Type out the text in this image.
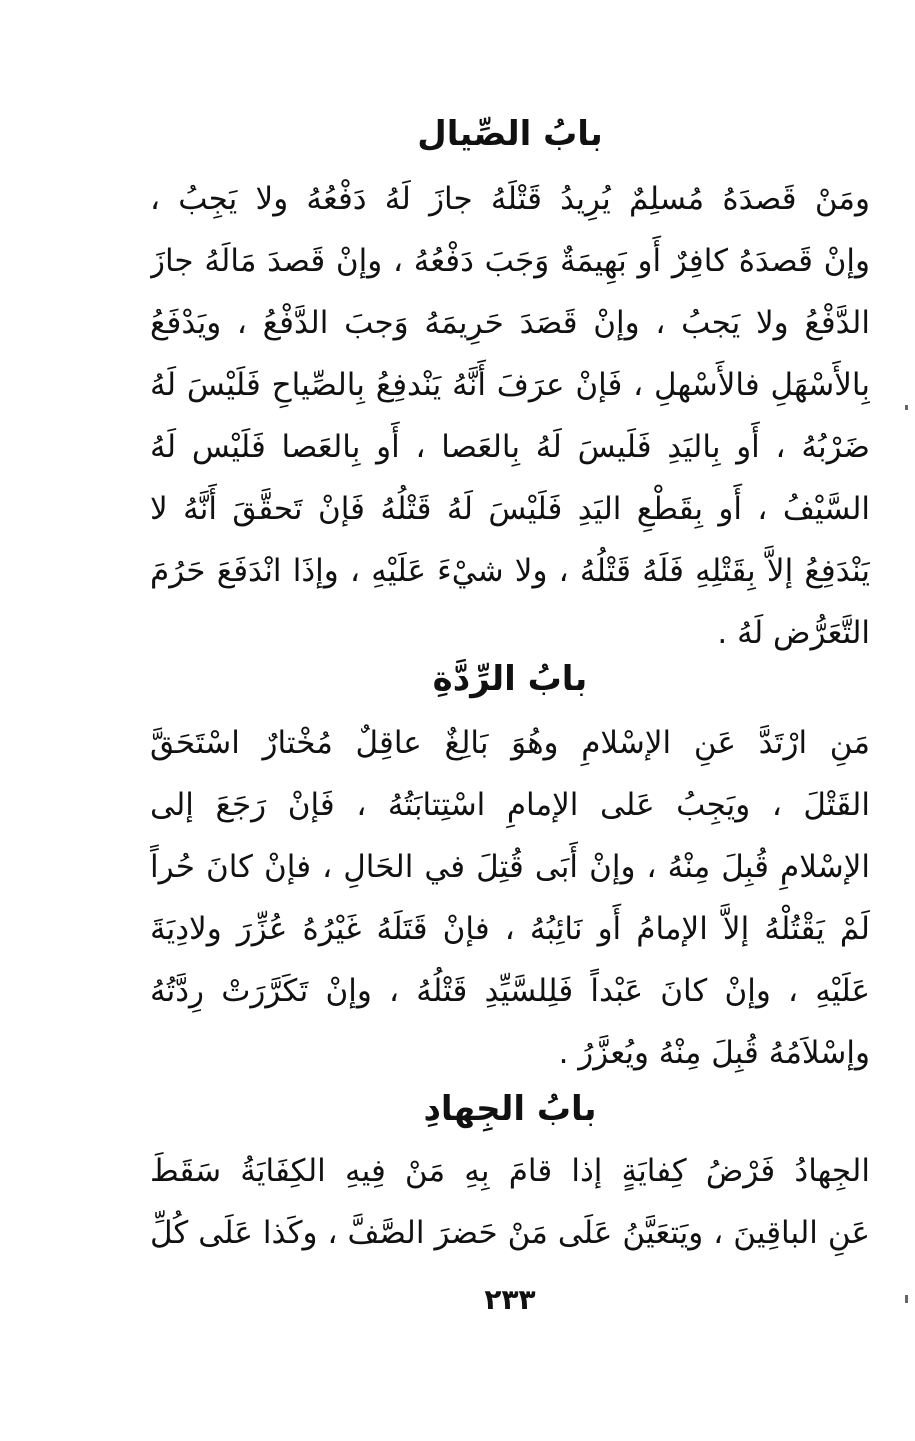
بابُ الصِّيال
ومَنْ قَصدَهُ مُسلِمٌ يُرِيدُ قَتْلَهُ جازَ لَهُ دَفْعُهُ ولا يَجِبُ ،
وإنْ قَصدَهُ كافِرٌ أَو بَهِيمَةٌ وَجَبَ دَفْعُهُ ، وإنْ قَصدَ مَالَهُ جازَ
الدَّفْعُ ولا يَجبُ ، وإنْ قَصَدَ حَرِيمَهُ وَجبَ الدَّفْعُ ، ويَدْفَعُ
بِالأَسْهَلِ فالأَسْهلِ ، فَإنْ عرَفَ أَنَّهُ يَنْدفِعُ بِالصِّياحِ فَلَيْسَ لَهُ
ضَرْبُهُ ، أَو بِاليَدِ فَلَيسَ لَهُ بِالعَصا ، أَو بِالعَصا فَلَيْس لَهُ
السَّيْفُ ، أَو بِقَطْعِ اليَدِ فَلَيْسَ لَهُ قَتْلُهُ فَإنْ تَحقَّقَ أَنَّهُ لا
يَنْدَفِعُ إلاَّ بِقَتْلِهِ فَلَهُ قَتْلُهُ ، ولا شيْءَ عَلَيْهِ ، وإذَا انْدَفَعَ حَرُمَ
التَّعَرُّض لَهُ .
بابُ الرِّدَّةِ
مَنِ ارْتَدَّ عَنِ الإسْلامِ وهُوَ بَالِغٌ عاقِلٌ مُخْتارٌ اسْتَحَقَّ
القَتْلَ ، ويَجِبُ عَلى الإمامِ اسْتِتابَتُهُ ، فَإنْ رَجَعَ إلى
الإسْلامِ قُبِلَ مِنْهُ ، وإنْ أَبَى قُتِلَ في الحَالِ ، فإنْ كانَ حُراً
لَمْ يَقْتُلْهُ إلاَّ الإمامُ أَو نَائِبُهُ ، فإنْ قَتَلَهُ غَيْرُهُ عُزِّرَ ولادِيَةَ
عَلَيْهِ ، وإنْ كانَ عَبْداً فَلِلسَّيِّدِ قَتْلُهُ ، وإنْ تَكَرَّرَتْ رِدَّتُهُ
وإسْلاَمُهُ قُبِلَ مِنْهُ ويُعزَّرُ .
بابُ الجِهادِ
الجِهادُ فَرْضُ كِفايَةٍ إذا قامَ بِهِ مَنْ فِيهِ الكِفَايَةُ سَقَطَ
عَنِ الباقِينَ ، ويَتعَيَّنُ عَلَى مَنْ حَضرَ الصَّفَّ ، وكَذا عَلَى كُلِّ
٢٣٣
